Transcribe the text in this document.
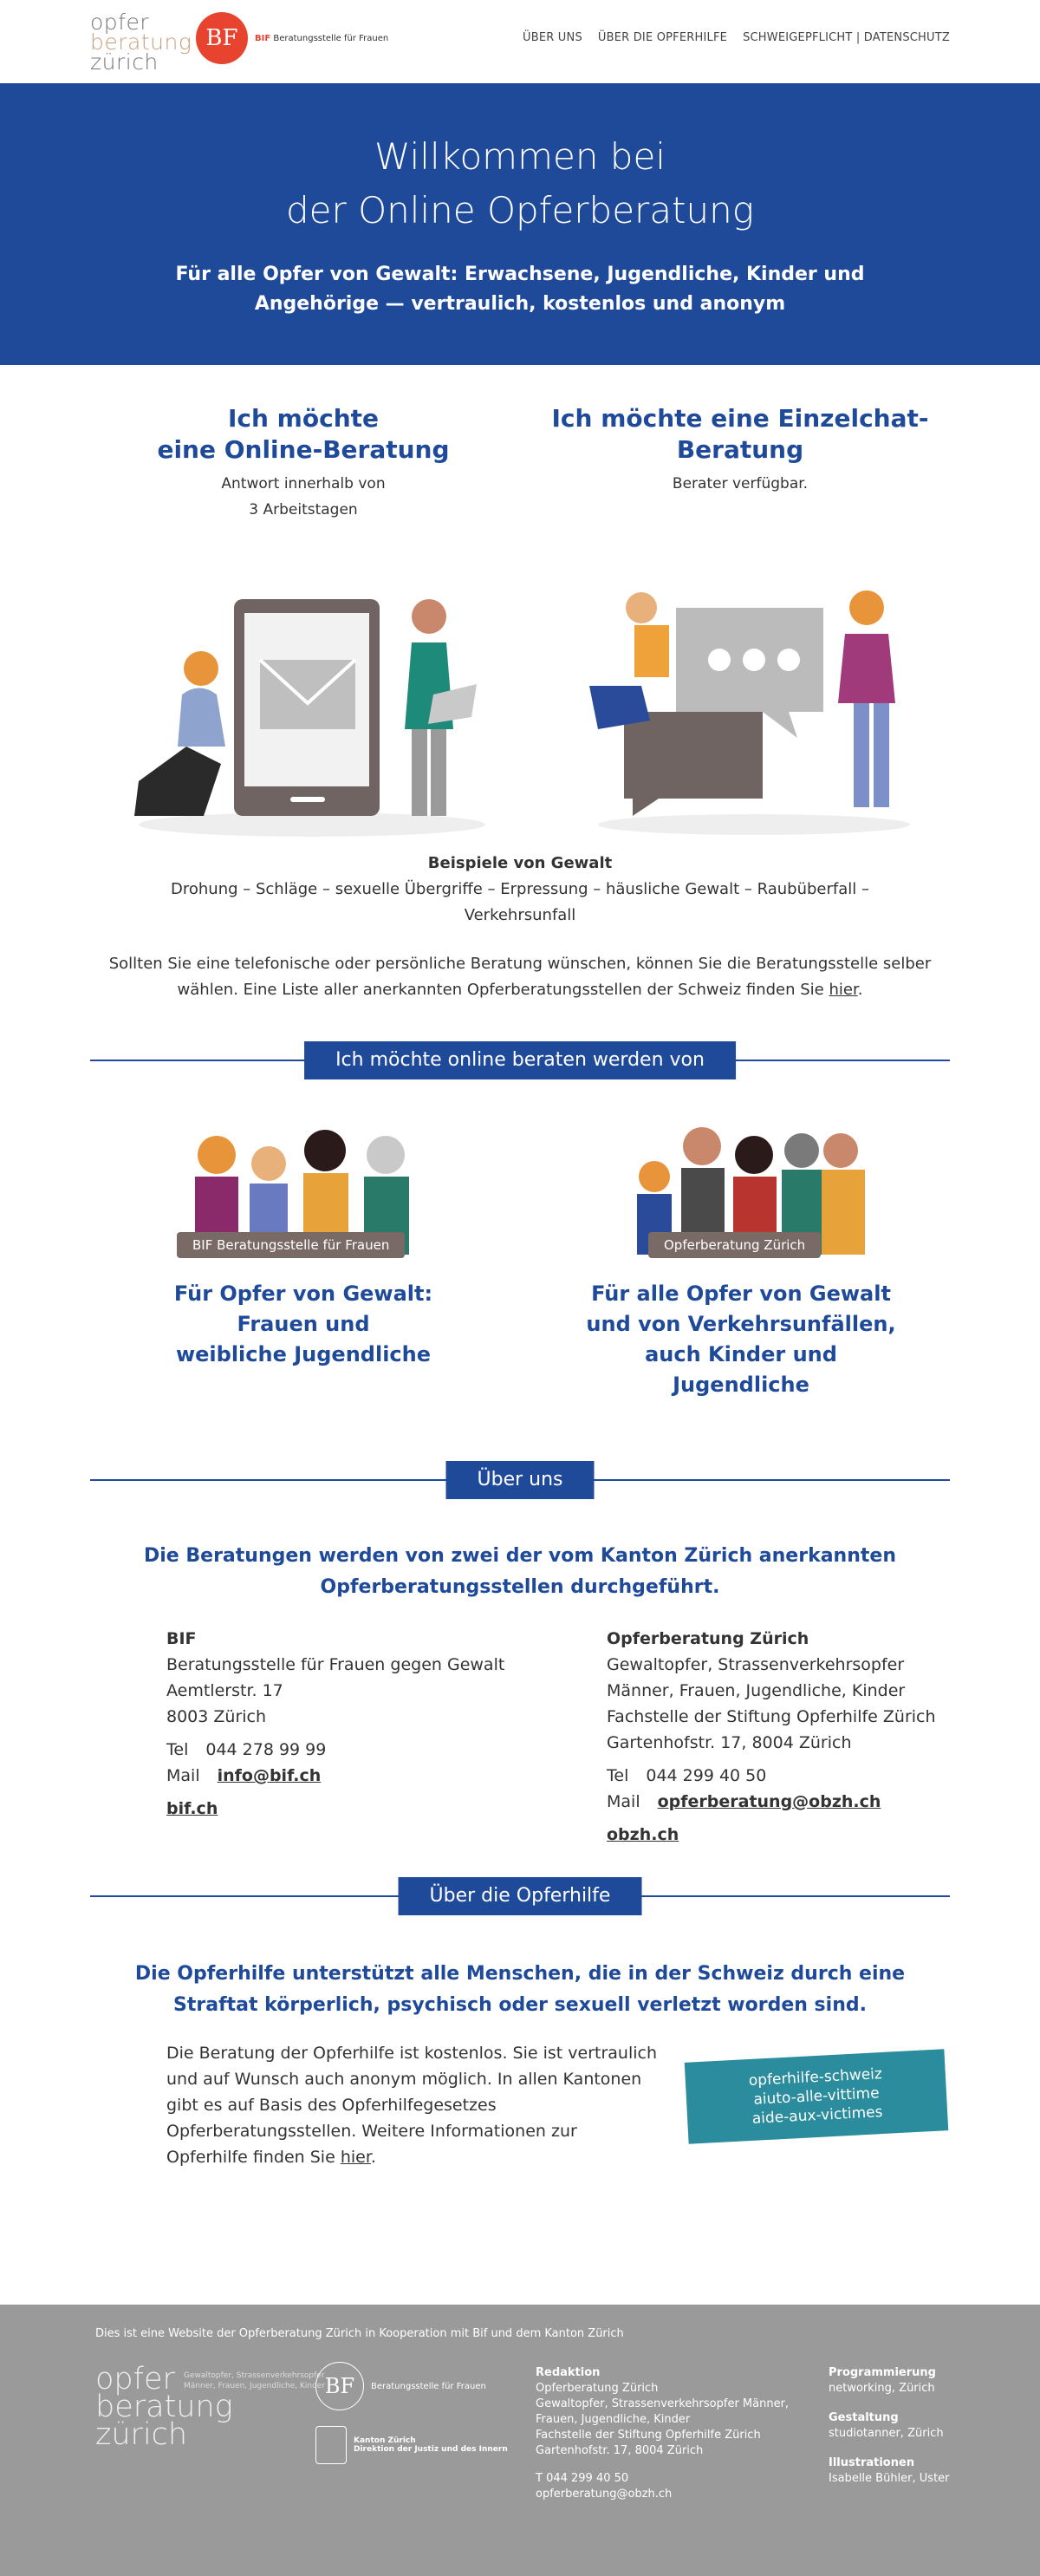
opfer
beratung
zürich
BF	BIF Beratungsstelle für Frauen	ÜBER UNS ÜBER DIE OPFERHILFE SCHWEIGEPFLICHT | DATENSCHUTZ
Willkommen bei
der Online Opferberatung

Für alle Opfer von Gewalt: Erwachsene, Jugendliche, Kinder und
Angehörige — vertraulich, kostenlos und anonym

Ich möchte
eine Online-Beratung

Antwort innerhalb von
3 Arbeitstagen

Ich möchte eine Einzelchat-
Beratung

Berater verfügbar.

Beispiele von Gewalt
Drohung – Schläge – sexuelle Übergriffe – Erpressung – häusliche Gewalt – Raubüberfall –
Verkehrsunfall
Sollten Sie eine telefonische oder persönliche Beratung wünschen, können Sie die Beratungsstelle selber
wählen. Eine Liste aller anerkannten Opferberatungsstellen der Schweiz finden Sie hier.
Ich möchte online beraten werden von
BIF Beratungsstelle für Frauen
Für Opfer von Gewalt:
Frauen und
weibliche Jugendliche
Opferberatung Zürich
Für alle Opfer von Gewalt
und von Verkehrsunfällen,
auch Kinder und
Jugendliche
Über uns
Die Beratungen werden von zwei der vom Kanton Zürich anerkannten
Opferberatungsstellen durchgeführt.
BIF
Beratungsstelle für Frauen gegen Gewalt
Aemtlerstr. 17
8003 Zürich
Tel 044 278 99 99
Mail info@bif.ch
bif.ch
Opferberatung Zürich
Gewaltopfer, Strassenverkehrsopfer
Männer, Frauen, Jugendliche, Kinder
Fachstelle der Stiftung Opferhilfe Zürich
Gartenhofstr. 17, 8004 Zürich
Tel 044 299 40 50
Mail opferberatung@obzh.ch
obzh.ch
Über die Opferhilfe
Die Opferhilfe unterstützt alle Menschen, die in der Schweiz durch eine
Straftat körperlich, psychisch oder sexuell verletzt worden sind.
Die Beratung der Opferhilfe ist kostenlos. Sie ist vertraulich
und auf Wunsch auch anonym möglich. In allen Kantonen
gibt es auf Basis des Opferhilfegesetzes
Opferberatungsstellen. Weitere Informationen zur
Opferhilfe finden Sie hier.
opferhilfe-schweiz
aiuto-alle-vittime
aide-aux-victimes
Dies ist eine Website der Opferberatung Zürich in Kooperation mit Bif und dem Kanton Zürich
opfer
beratung
zürich
Gewaltopfer, Strassenverkehrsopfer
Männer, Frauen, Jugendliche, Kinder BF	Beratungsstelle für Frauen
Kanton Zürich
Direktion der Justiz und des Innern
Redaktion
Opferberatung Zürich
Gewaltopfer, Strassenverkehrsopfer Männer,
Frauen, Jugendliche, Kinder
Fachstelle der Stiftung Opferhilfe Zürich
Gartenhofstr. 17, 8004 Zürich
T 044 299 40 50
opferberatung@obzh.ch
Programmierung
networking, Zürich
Gestaltung
studiotanner, Zürich
Illustrationen
Isabelle Bühler, Uster
